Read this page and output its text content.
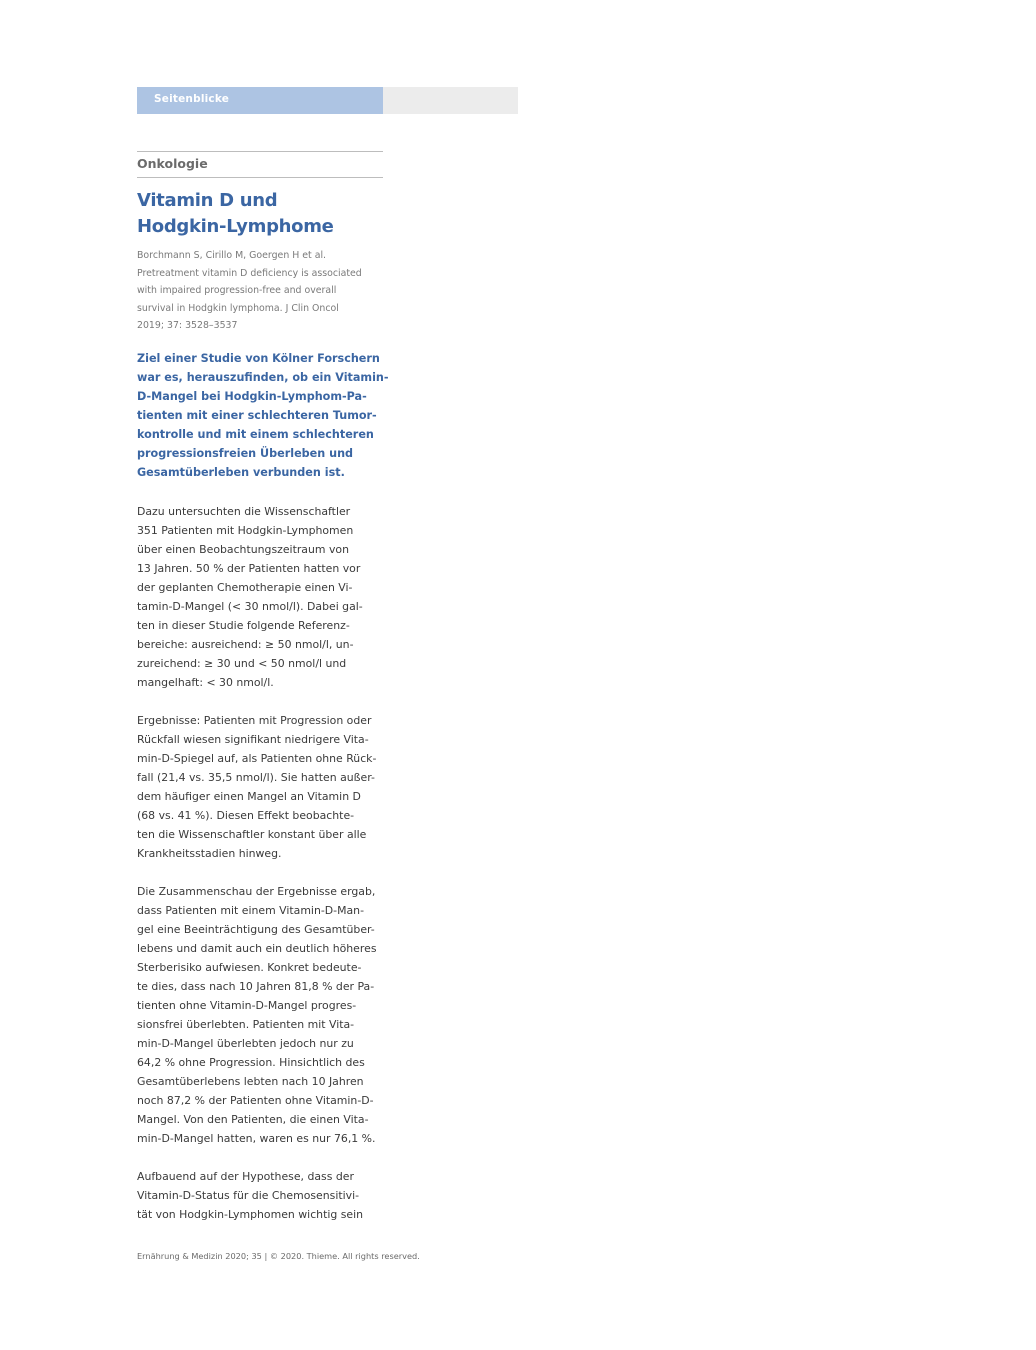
Seitenblicke
Onkologie
Vitamin D und
Hodgkin-Lymphome
Borchmann S, Cirillo M, Goergen H et al.
Pretreatment vitamin D deficiency is associated
with impaired progression-free and overall
survival in Hodgkin lymphoma. J Clin Oncol
2019; 37: 3528–3537
Ziel einer Studie von Kölner Forschern
war es, herauszufinden, ob ein Vitamin-
D-Mangel bei Hodgkin-Lymphom-Pa-
tienten mit einer schlechteren Tumor-
kontrolle und mit einem schlechteren
progressionsfreien Überleben und
Gesamtüberleben verbunden ist.
Dazu untersuchten die Wissenschaftler
351 Patienten mit Hodgkin-Lymphomen
über einen Beobachtungszeitraum von
13 Jahren. 50 % der Patienten hatten vor
der geplanten Chemotherapie einen Vi-
tamin-D-Mangel (< 30 nmol/l). Dabei gal-
ten in dieser Studie folgende Referenz-
bereiche: ausreichend: ≥ 50 nmol/l, un-
zureichend: ≥ 30 und < 50 nmol/l und
mangelhaft: < 30 nmol/l.
Ergebnisse: Patienten mit Progression oder
Rückfall wiesen signifikant niedrigere Vita-
min-D-Spiegel auf, als Patienten ohne Rück-
fall (21,4 vs. 35,5 nmol/l). Sie hatten außer-
dem häufiger einen Mangel an Vitamin D
(68 vs. 41 %). Diesen Effekt beobachte-
ten die Wissenschaftler konstant über alle
Krankheitsstadien hinweg.
Die Zusammenschau der Ergebnisse ergab,
dass Patienten mit einem Vitamin-D-Man-
gel eine Beeinträchtigung des Gesamtüber-
lebens und damit auch ein deutlich höheres
Sterberisiko aufwiesen. Konkret bedeute-
te dies, dass nach 10 Jahren 81,8 % der Pa-
tienten ohne Vitamin-D-Mangel progres-
sionsfrei überlebten. Patienten mit Vita-
min-D-Mangel überlebten jedoch nur zu
64,2 % ohne Progression. Hinsichtlich des
Gesamtüberlebens lebten nach 10 Jahren
noch 87,2 % der Patienten ohne Vitamin-D-
Mangel. Von den Patienten, die einen Vita-
min-D-Mangel hatten, waren es nur 76,1 %.
Aufbauend auf der Hypothese, dass der
Vitamin-D-Status für die Chemosensitivi-
tät von Hodgkin-Lymphomen wichtig sein
Ernährung & Medizin 2020; 35 | © 2020. Thieme. All rights reserved.
